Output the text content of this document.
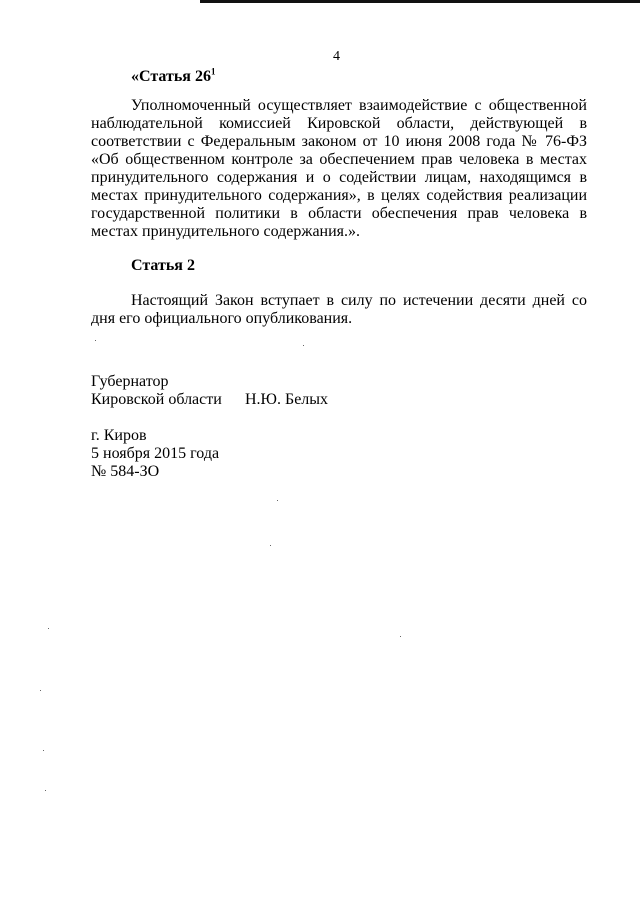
4
«Статья $26^1$

Уполномоченный осуществляет взаимодействие с общественной наблюдательной комиссией Кировской области, действующей в соответствии с Федеральным законом от 10 июня 2008 года № 76-ФЗ «Об общественном контроле за обеспечением прав человека в местах принудительного содержания и о содействии лицам, находящимся в местах принудительного содержания», в целях содействия реализации государственной политики в области обеспечения прав человека в местах принудительного содержания.».

Статья 2

Настоящий Закон вступает в силу по истечении десяти дней со дня его официального опубликования.

Губернатор
Кировской области Н.Ю. Белых
г. Киров
5 ноября 2015 года
№ 584-ЗО
